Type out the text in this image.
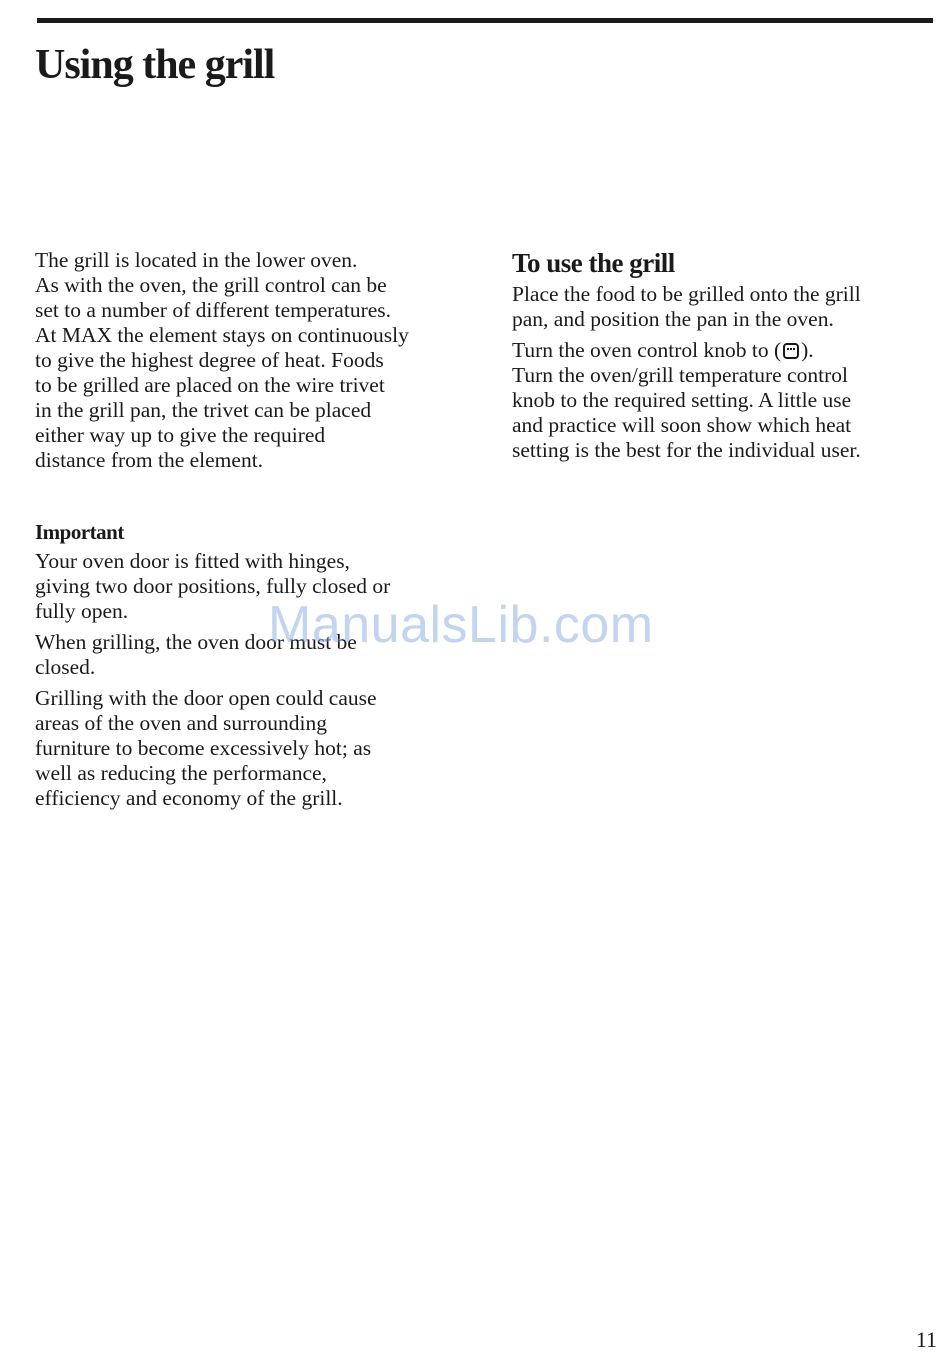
Using the grill

The grill is located in the lower oven.
As with the oven, the grill control can be
set to a number of different temperatures.
At MAX the element stays on continuously
to give the highest degree of heat. Foods
to be grilled are placed on the wire trivet
in the grill pan, the trivet can be placed
either way up to give the required
distance from the element.

Important

Your oven door is fitted with hinges,
giving two door positions, fully closed or
fully open.

When grilling, the oven door must be
closed.

Grilling with the door open could cause
areas of the oven and surrounding
furniture to become excessively hot; as
well as reducing the performance,
efficiency and economy of the grill.

To use the grill

Place the food to be grilled onto the grill
pan, and position the pan in the oven.

Turn the oven control knob to ( ).
Turn the oven/grill temperature control
knob to the required setting. A little use
and practice will soon show which heat
setting is the best for the individual user.

ManualsLib.com
11
